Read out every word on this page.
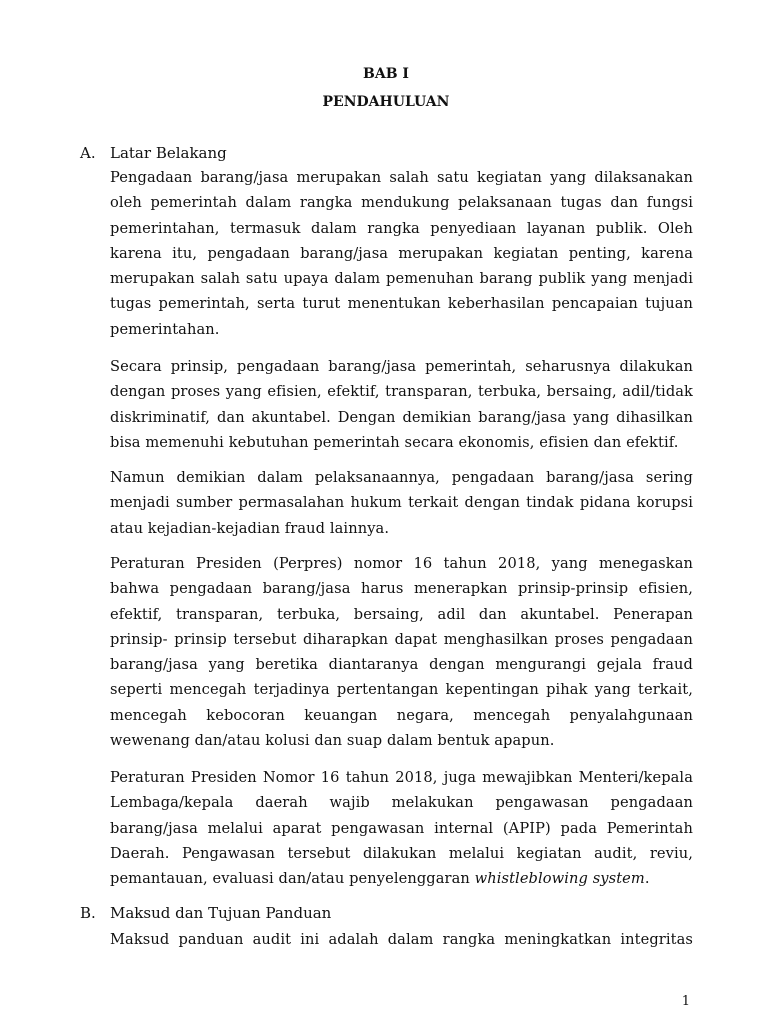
BAB I
PENDAHULUAN
A. Latar Belakang
Pengadaan barang/jasa merupakan salah satu kegiatan yang dilaksanakan oleh pemerintah dalam rangka mendukung pelaksanaan tugas dan fungsi pemerintahan, termasuk dalam rangka penyediaan layanan publik. Oleh karena itu, pengadaan barang/jasa merupakan kegiatan penting, karena merupakan salah satu upaya dalam pemenuhan barang publik yang menjadi tugas pemerintah, serta turut menentukan keberhasilan pencapaian tujuan pemerintahan.
Secara prinsip, pengadaan barang/jasa pemerintah, seharusnya dilakukan dengan proses yang efisien, efektif, transparan, terbuka, bersaing, adil/tidak diskriminatif, dan akuntabel. Dengan demikian barang/jasa yang dihasilkan bisa memenuhi kebutuhan pemerintah secara ekonomis, efisien dan efektif.
Namun demikian dalam pelaksanaannya, pengadaan barang/jasa sering menjadi sumber permasalahan hukum terkait dengan tindak pidana korupsi atau kejadian-kejadian fraud lainnya.
Peraturan Presiden (Perpres) nomor 16 tahun 2018, yang menegaskan bahwa pengadaan barang/jasa harus menerapkan prinsip-prinsip efisien, efektif, transparan, terbuka, bersaing, adil dan akuntabel. Penerapan prinsip- prinsip tersebut diharapkan dapat menghasilkan proses pengadaan barang/jasa yang beretika diantaranya dengan mengurangi gejala fraud seperti mencegah terjadinya pertentangan kepentingan pihak yang terkait, mencegah kebocoran keuangan negara, mencegah penyalahgunaan wewenang dan/atau kolusi dan suap dalam bentuk apapun.
Peraturan Presiden Nomor 16 tahun 2018, juga mewajibkan Menteri/kepala Lembaga/kepala daerah wajib melakukan pengawasan pengadaan barang/jasa melalui aparat pengawasan internal (APIP) pada Pemerintah Daerah. Pengawasan tersebut dilakukan melalui kegiatan audit, reviu, pemantauan, evaluasi dan/atau penyelenggaran whistleblowing system.
B. Maksud dan Tujuan Panduan
Maksud panduan audit ini adalah dalam rangka meningkatkan integritas
1
